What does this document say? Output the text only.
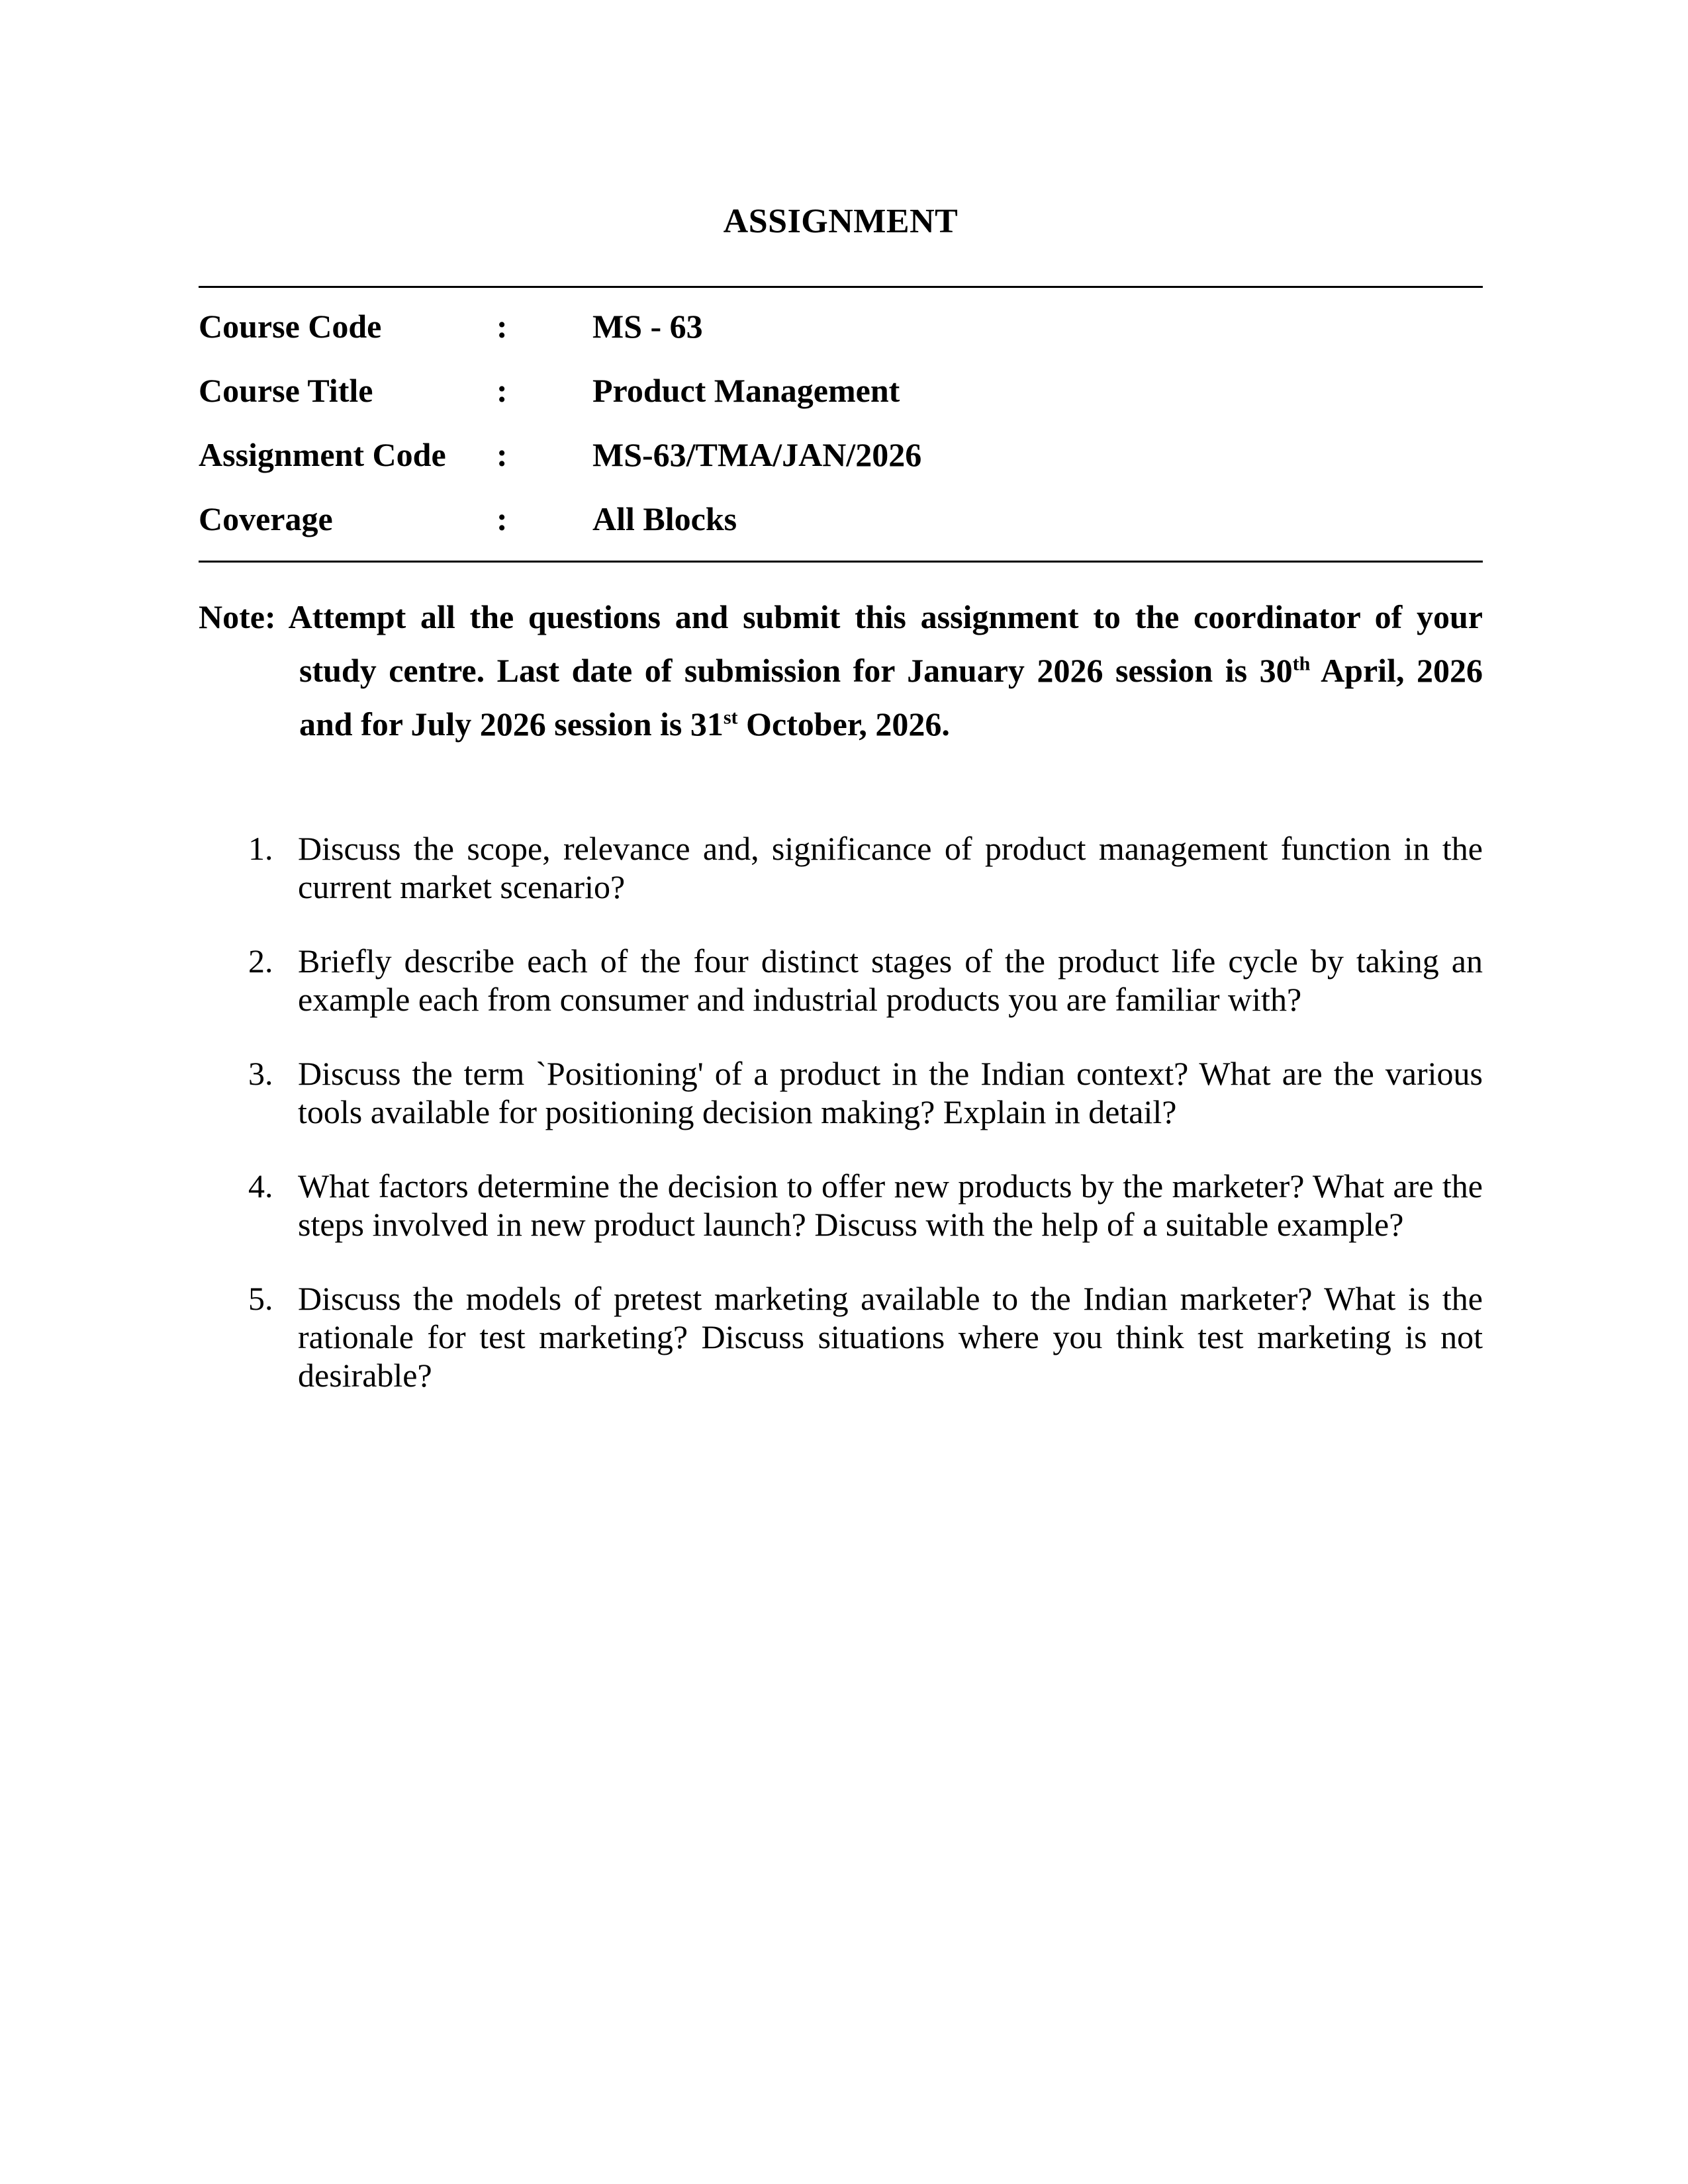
ASSIGNMENT
Course Code	:	MS - 63
Course Title	:	Product Management
Assignment Code	:	MS-63/TMA/JAN/2026
Coverage	:	All Blocks
Note: Attempt all the questions and submit this assignment to the coordinator of your study centre. Last date of submission for January 2026 session is 30th April, 2026 and for July 2026 session is 31st October, 2026.
1. Discuss the scope, relevance and, significance of product management function in the current market scenario?
2. Briefly describe each of the four distinct stages of the product life cycle by taking an example each from consumer and industrial products you are familiar with?
3. Discuss the term `Positioning' of a product in the Indian context? What are the various tools available for positioning decision making? Explain in detail?
4. What factors determine the decision to offer new products by the marketer? What are the steps involved in new product launch? Discuss with the help of a suitable example?
5. Discuss the models of pretest marketing available to the Indian marketer? What is the rationale for test marketing? Discuss situations where you think test marketing is not desirable?
